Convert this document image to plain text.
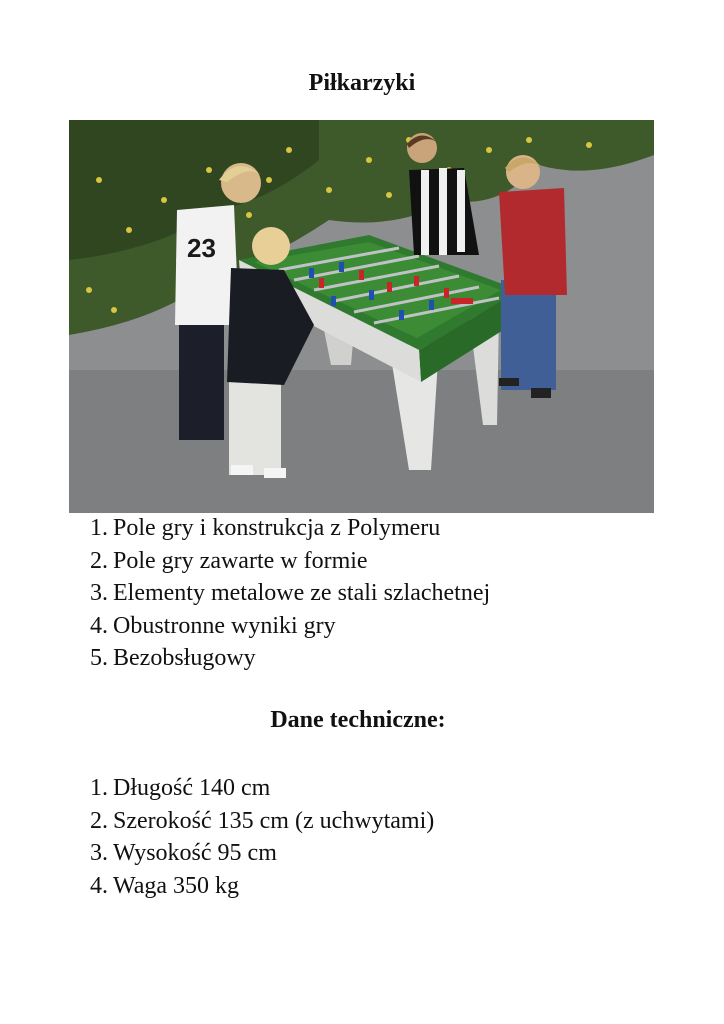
Piłkarzyki
23
1. Pole gry i konstrukcja z Polymeru
2. Pole gry zawarte w formie
3. Elementy metalowe ze stali szlachetnej
4. Obustronne wyniki gry
5. Bezobsługowy
Dane techniczne:
1. Długość 140 cm
2. Szerokość 135 cm (z uchwytami)
3. Wysokość 95 cm
4. Waga 350 kg
